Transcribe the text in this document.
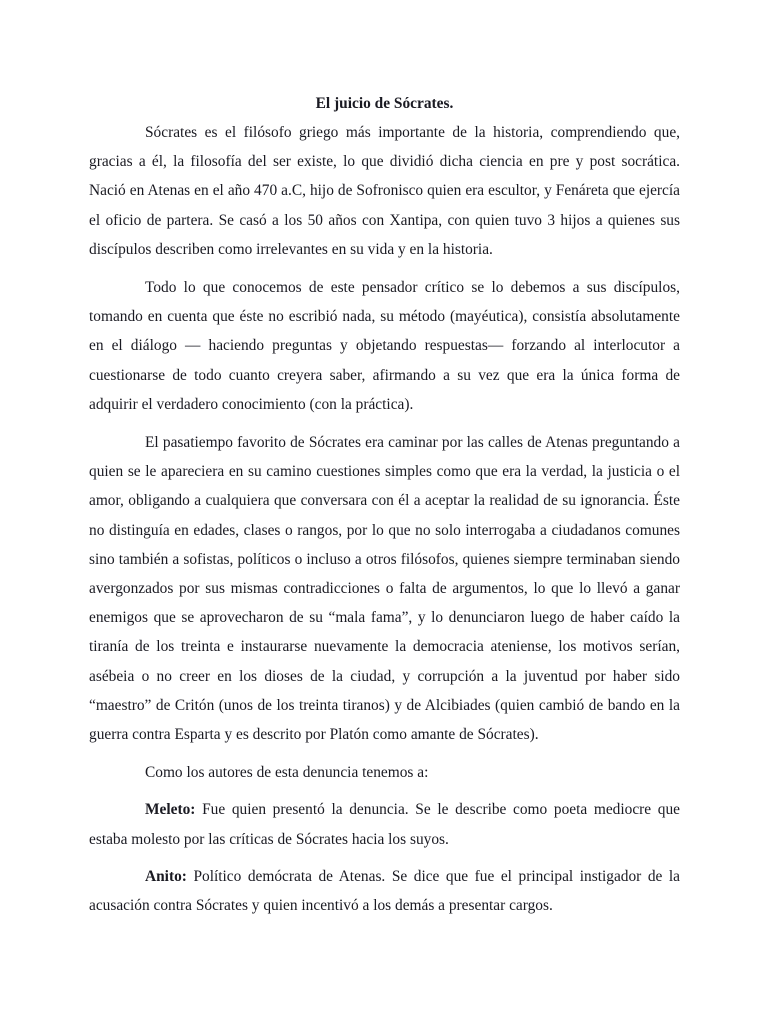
El juicio de Sócrates.

Sócrates es el filósofo griego más importante de la historia, comprendiendo que, gracias a él, la filosofía del ser existe, lo que dividió dicha ciencia en pre y post socrática. Nació en Atenas en el año 470 a.C, hijo de Sofronisco quien era escultor, y Fenáreta que ejercía el oficio de partera. Se casó a los 50 años con Xantipa, con quien tuvo 3 hijos a quienes sus discípulos describen como irrelevantes en su vida y en la historia.

Todo lo que conocemos de este pensador crítico se lo debemos a sus discípulos, tomando en cuenta que éste no escribió nada, su método (mayéutica), consistía absolutamente en el diálogo — haciendo preguntas y objetando respuestas— forzando al interlocutor a cuestionarse de todo cuanto creyera saber, afirmando a su vez que era la única forma de adquirir el verdadero conocimiento (con la práctica).

El pasatiempo favorito de Sócrates era caminar por las calles de Atenas preguntando a quien se le apareciera en su camino cuestiones simples como que era la verdad, la justicia o el amor, obligando a cualquiera que conversara con él a aceptar la realidad de su ignorancia. Éste no distinguía en edades, clases o rangos, por lo que no solo interrogaba a ciudadanos comunes sino también a sofistas, políticos o incluso a otros filósofos, quienes siempre terminaban siendo avergonzados por sus mismas contradicciones o falta de argumentos, lo que lo llevó a ganar enemigos que se aprovecharon de su “mala fama”, y lo denunciaron luego de haber caído la tiranía de los treinta e instaurarse nuevamente la democracia ateniense, los motivos serían, asébeia o no creer en los dioses de la ciudad, y corrupción a la juventud por haber sido “maestro” de Critón (unos de los treinta tiranos) y de Alcibiades (quien cambió de bando en la guerra contra Esparta y es descrito por Platón como amante de Sócrates).

Como los autores de esta denuncia tenemos a:

Meleto: Fue quien presentó la denuncia. Se le describe como poeta mediocre que estaba molesto por las críticas de Sócrates hacia los suyos.

Anito: Político demócrata de Atenas. Se dice que fue el principal instigador de la acusación contra Sócrates y quien incentivó a los demás a presentar cargos.
